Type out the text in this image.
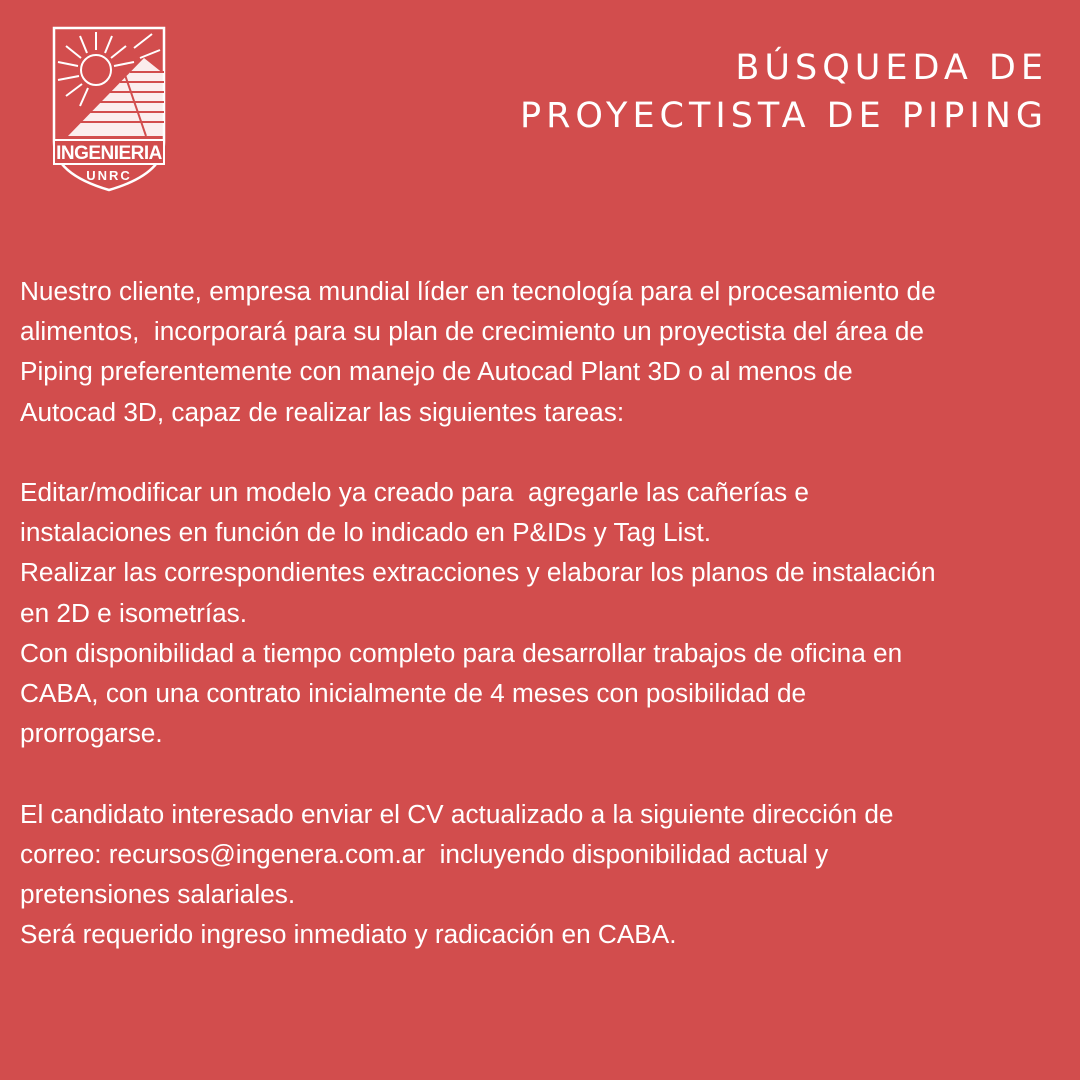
INGENIERIA
UNRC
BÚSQUEDA DE
PROYECTISTA DE PIPING

Nuestro cliente, empresa mundial líder en tecnología para el procesamiento de

alimentos,  incorporará para su plan de crecimiento un proyectista del área de

Piping preferentemente con manejo de Autocad Plant 3D o al menos de

Autocad 3D, capaz de realizar las siguientes tareas:

Editar/modificar un modelo ya creado para  agregarle las cañerías e

instalaciones en función de lo indicado en P&IDs y Tag List.

Realizar las correspondientes extracciones y elaborar los planos de instalación

en 2D e isometrías.

Con disponibilidad a tiempo completo para desarrollar trabajos de oficina en

CABA, con una contrato inicialmente de 4 meses con posibilidad de

prorrogarse.

El candidato interesado enviar el CV actualizado a la siguiente dirección de

correo: recursos@ingenera.com.ar  incluyendo disponibilidad actual y

pretensiones salariales.

Será requerido ingreso inmediato y radicación en CABA.
